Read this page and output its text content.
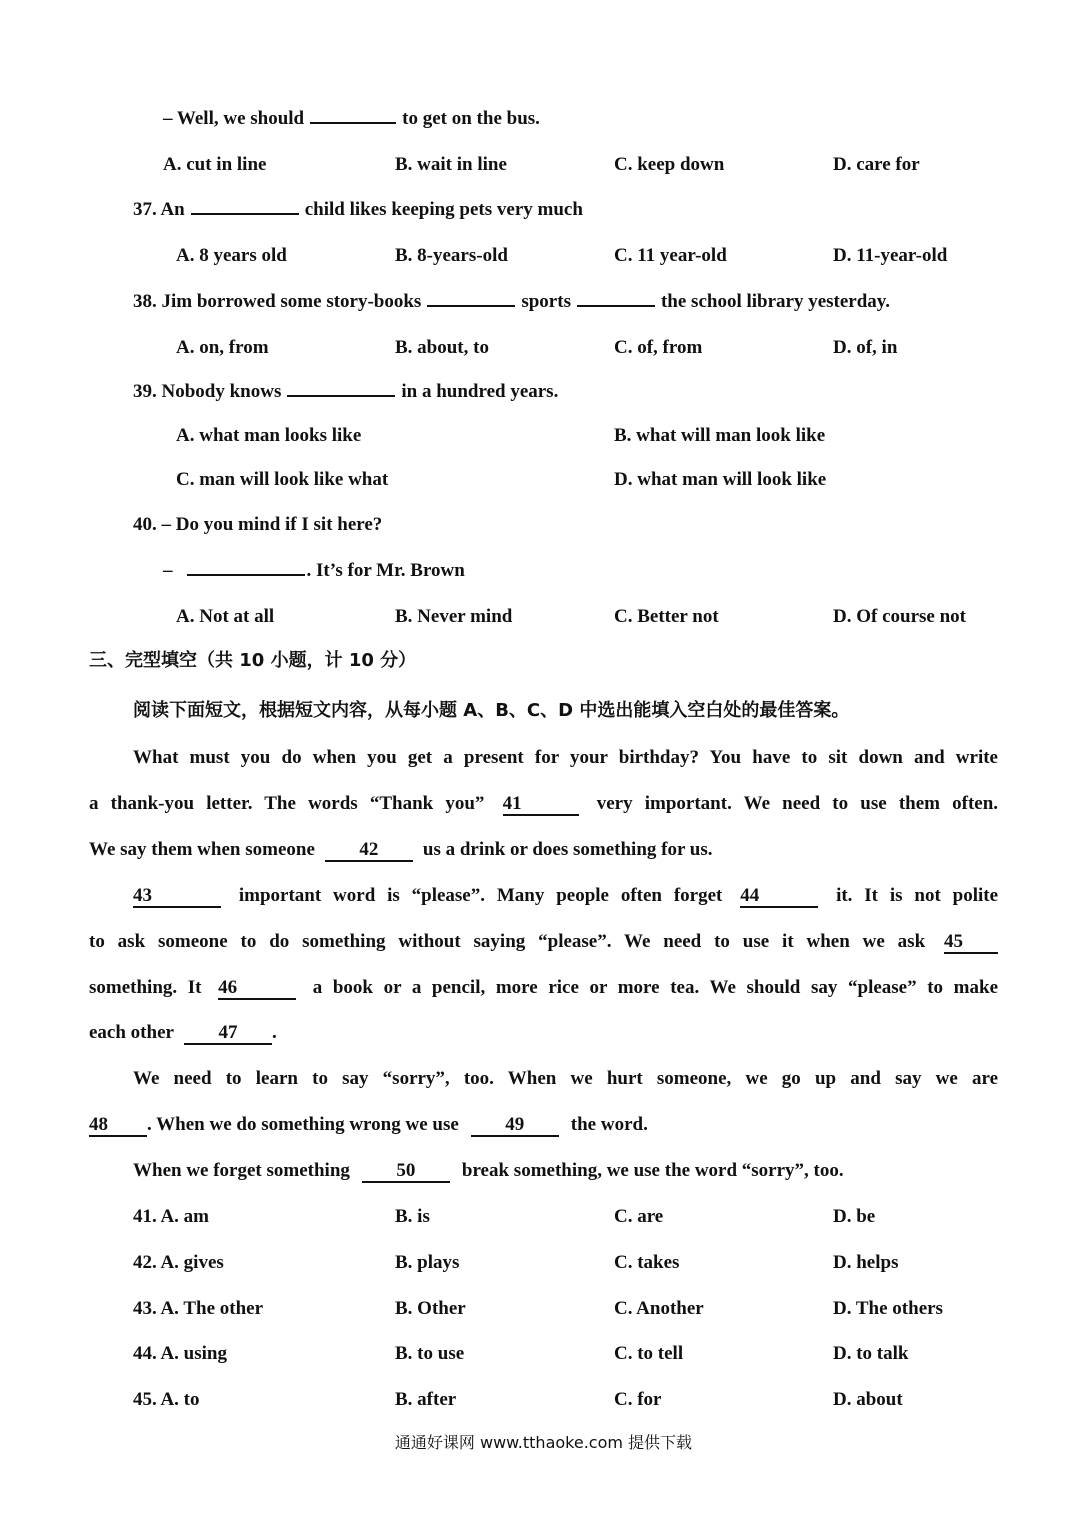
– Well, we should	to get on the bus.
A. cut in line	B. wait in line	C. keep down	D. care for
37. An	child likes keeping pets very much
A. 8 years old	B. 8-years-old	C. 11 year-old	D. 11-year-old
38. Jim borrowed some story-books	sports	the school library yesterday.
A. on, from	B. about, to	C. of, from	D. of, in
39. Nobody knows	in a hundred years.
A. what man looks like	B. what will man look like
C. man will look like what	D. what man will look like
40. – Do you mind if I sit here?
–	. It’s for Mr. Brown
A. Not at all	B. Never mind	C. Better not	D. Of course not
三、完型填空（共 10 小题，计 10 分）
阅读下面短文，根据短文内容，从每小题 A、B、C、D 中选出能填入空白处的最佳答案。
What must you do when you get a present for your birthday? You have to sit down and write
a thank-you letter. The words “Thank you” 41	very important. We need to use them often.
We say them when someone 42 us a drink or does something for us.
43	important word is “please”. Many people often forget 44	it. It is not polite
to ask someone to do something without saying “please”. We need to use it when we ask 45
something. It 46	a book or a pencil, more rice or more tea. We should say “please” to make
each other 47 .
We need to learn to say “sorry”, too. When we hurt someone, we go up and say we are
48 . When we do something wrong we use 49 the word.
When we forget something 50 break something, we use the word “sorry”, too.
41. A. am	B. is	C. are	D. be
42. A. gives	B. plays	C. takes	D. helps
43. A. The other	B. Other	C. Another	D. The others
44. A. using	B. to use	C. to tell	D. to talk
45. A. to	B. after	C. for	D. about
通通好课网 www.tthaoke.com 提供下载
